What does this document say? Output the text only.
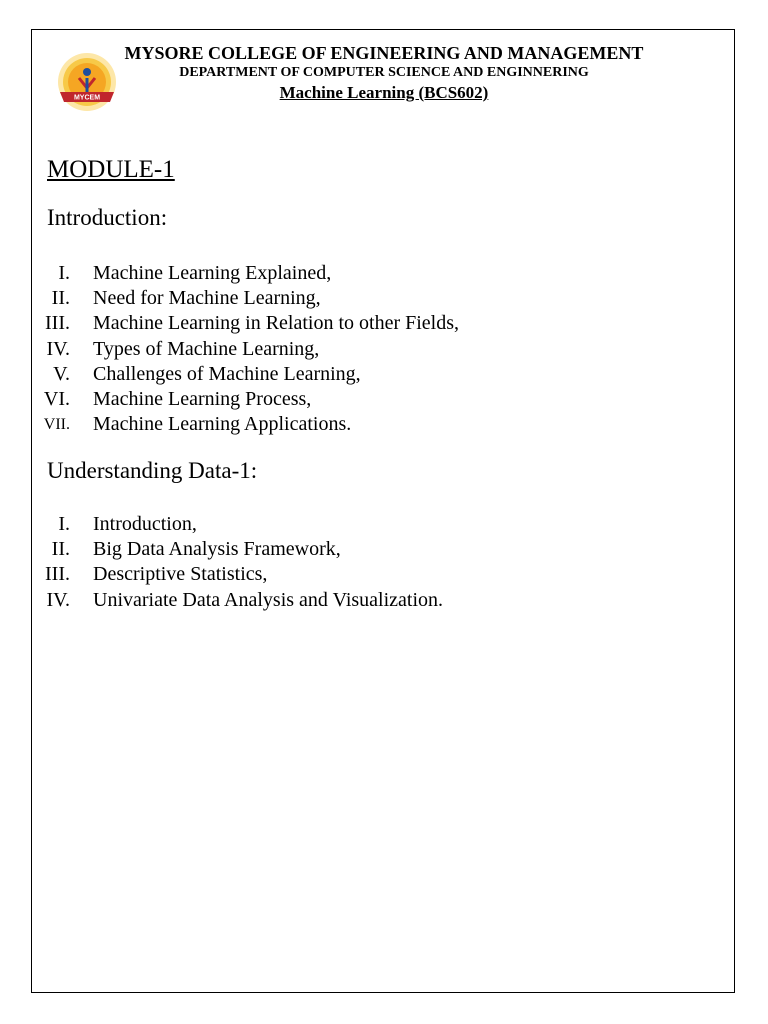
MYCEM
MYSORE COLLEGE OF ENGINEERING AND MANAGEMENT
DEPARTMENT OF COMPUTER SCIENCE AND ENGINNERING
Machine Learning (BCS602)
MODULE-1
Introduction:
I. Machine Learning Explained,
II. Need for Machine Learning,
III. Machine Learning in Relation to other Fields,
IV. Types of Machine Learning,
V. Challenges of Machine Learning,
VI. Machine Learning Process,
VII. Machine Learning Applications.
Understanding Data-1:
I. Introduction,
II. Big Data Analysis Framework,
III. Descriptive Statistics,
IV. Univariate Data Analysis and Visualization.
